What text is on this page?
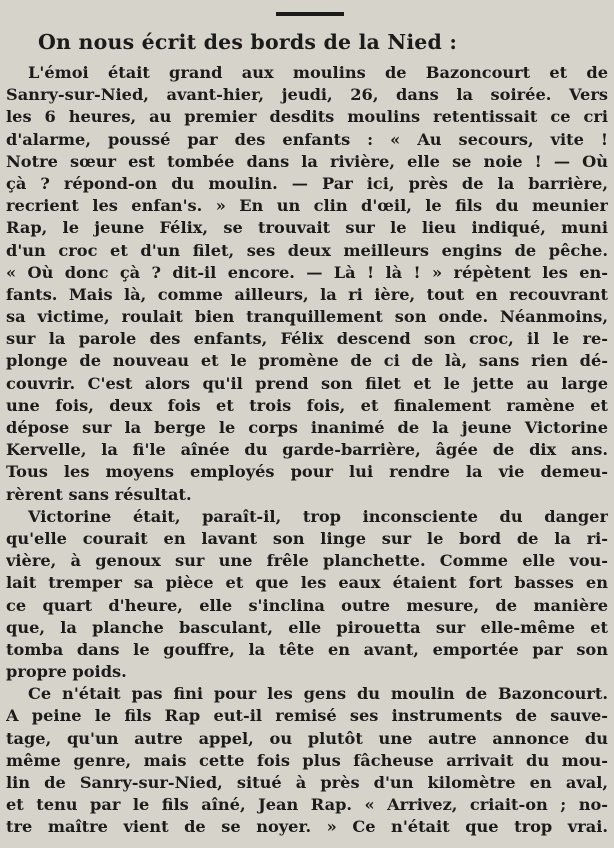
On nous écrit des bords de la Nied :
L'émoi était grand aux moulins de Bazoncourt et de
Sanry-sur-Nied, avant-hier, jeudi, 26, dans la soirée. Vers
les 6 heures, au premier desdits moulins retentissait ce cri
d'alarme, poussé par des enfants : « Au secours, vite !
Notre sœur est tombée dans la rivière, elle se noie ! — Où
çà ? répond-on du moulin. — Par ici, près de la barrière,
recrient les enfan's. » En un clin d'œil, le fils du meunier
Rap, le jeune Félix, se trouvait sur le lieu indiqué, muni
d'un croc et d'un filet, ses deux meilleurs engins de pêche.
« Où donc çà ? dit-il encore. — Là ! là ! » répètent les en-
fants. Mais là, comme ailleurs, la ri ière, tout en recouvrant
sa victime, roulait bien tranquillement son onde. Néanmoins,
sur la parole des enfants, Félix descend son croc, il le re-
plonge de nouveau et le promène de ci de là, sans rien dé-
couvrir. C'est alors qu'il prend son filet et le jette au large
une fois, deux fois et trois fois, et finalement ramène et
dépose sur la berge le corps inanimé de la jeune Victorine
Kervelle, la fi'le aînée du garde-barrière, âgée de dix ans.
Tous les moyens employés pour lui rendre la vie demeu-
rèrent sans résultat.
Victorine était, paraît-il, trop inconsciente du danger
qu'elle courait en lavant son linge sur le bord de la ri-
vière, à genoux sur une frêle planchette. Comme elle vou-
lait tremper sa pièce et que les eaux étaient fort basses en
ce quart d'heure, elle s'inclina outre mesure, de manière
que, la planche basculant, elle pirouetta sur elle-même et
tomba dans le gouffre, la tête en avant, emportée par son
propre poids.
Ce n'était pas fini pour les gens du moulin de Bazoncourt.
A peine le fils Rap eut-il remisé ses instruments de sauve-
tage, qu'un autre appel, ou plutôt une autre annonce du
même genre, mais cette fois plus fâcheuse arrivait du mou-
lin de Sanry-sur-Nied, situé à près d'un kilomètre en aval,
et tenu par le fils aîné, Jean Rap. « Arrivez, criait-on ; no-
tre maître vient de se noyer. » Ce n'était que trop vrai.
